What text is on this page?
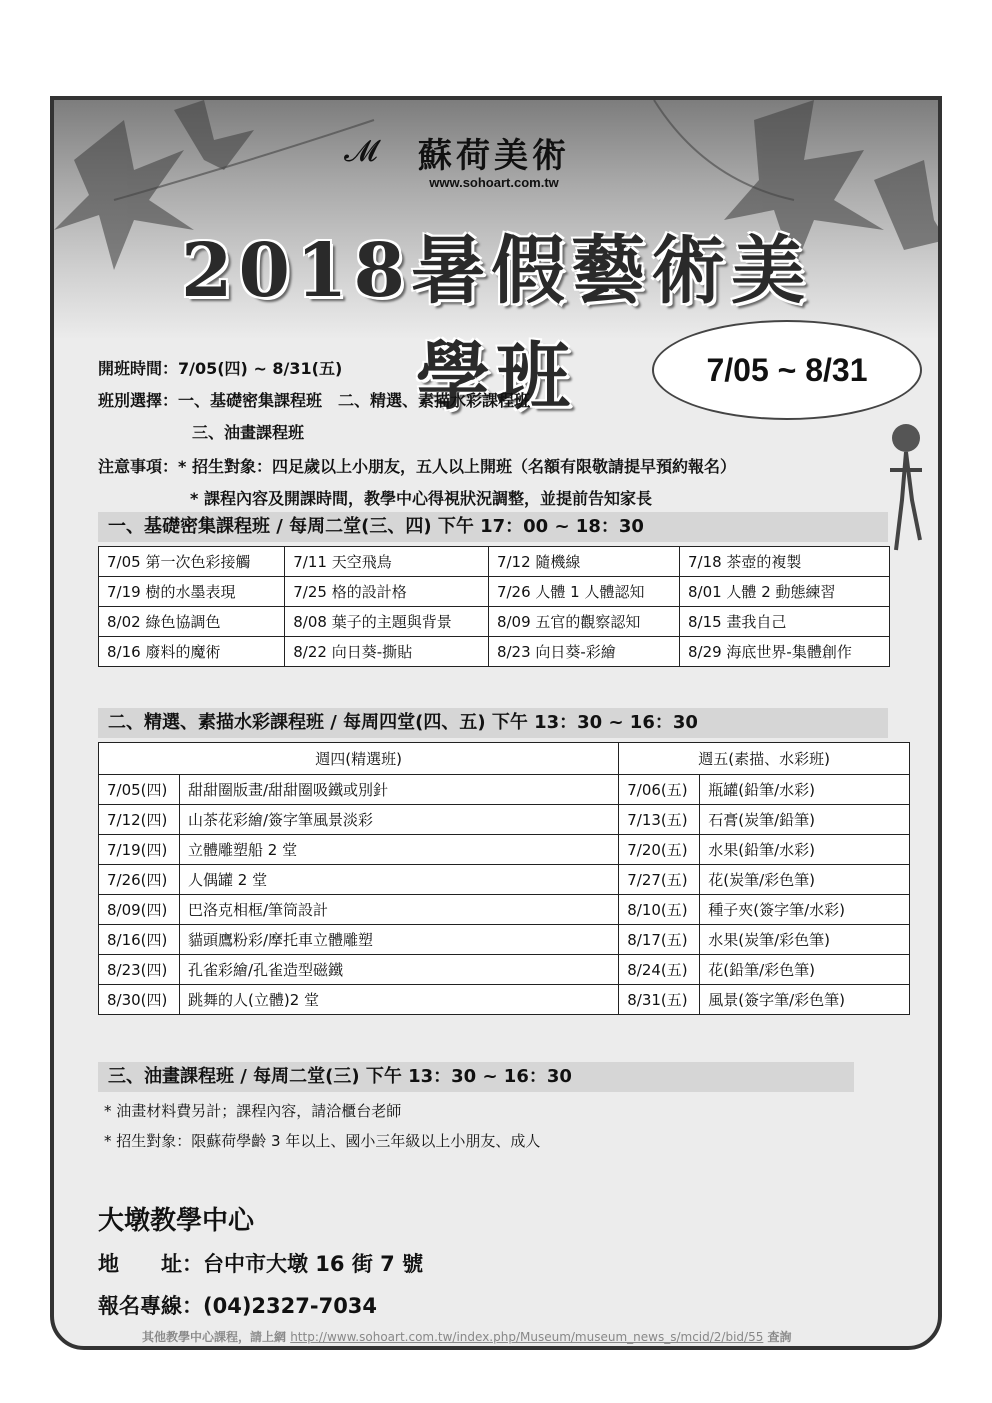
𝓜	蘇荷美術
www.sohoart.com.tw
2018暑假藝術美學班	7/05 ~ 8/31
開班時間：7/05(四) ~ 8/31(五)
班別選擇：一、基礎密集課程班　二、精選、素描水彩課程班
三、油畫課程班
注意事項：* 招生對象：四足歲以上小朋友，五人以上開班（名額有限敬請提早預約報名）
* 課程內容及開課時間，教學中心得視狀況調整，並提前告知家長
一、基礎密集課程班 / 每周二堂(三、四) 下午 17：00 ~ 18：30
7/05 第一次色彩接觸	7/11 天空飛鳥	7/12 隨機線	7/18 茶壺的複製
7/19 樹的水墨表現	7/25 格的設計格	7/26 人體 1 人體認知	8/01 人體 2 動態練習
8/02 綠色協調色	8/08 葉子的主題與背景	8/09 五官的觀察認知	8/15 畫我自己
8/16 廢料的魔術	8/22 向日葵-撕貼	8/23 向日葵-彩繪	8/29 海底世界-集體創作
二、精選、素描水彩課程班 / 每周四堂(四、五) 下午 13：30 ~ 16：30
週四(精選班)		週五(素描、水彩班)	
7/05(四)	甜甜圈版畫/甜甜圈吸鐵或別針	7/06(五)	瓶罐(鉛筆/水彩)
7/12(四)	山茶花彩繪/簽字筆風景淡彩	7/13(五)	石膏(炭筆/鉛筆)
7/19(四)	立體雕塑船 2 堂	7/20(五)	水果(鉛筆/水彩)
7/26(四)	人偶罐 2 堂	7/27(五)	花(炭筆/彩色筆)
8/09(四)	巴洛克相框/筆筒設計	8/10(五)	種子夾(簽字筆/水彩)
8/16(四)	貓頭鷹粉彩/摩托車立體雕塑	8/17(五)	水果(炭筆/彩色筆)
8/23(四)	孔雀彩繪/孔雀造型磁鐵	8/24(五)	花(鉛筆/彩色筆)
8/30(四)	跳舞的人(立體)2 堂	8/31(五)	風景(簽字筆/彩色筆)
三、油畫課程班 / 每周二堂(三) 下午 13：30 ~ 16：30
* 油畫材料費另計；課程內容，請洽櫃台老師
* 招生對象：限蘇荷學齡 3 年以上、國小三年級以上小朋友、成人
大墩教學中心
地　　址：台中市大墩 16 街 7 號
報名專線：(04)2327-7034
其他教學中心課程，請上網 http://www.sohoart.com.tw/index.php/Museum/museum_news_s/mcid/2/bid/55 查詢
